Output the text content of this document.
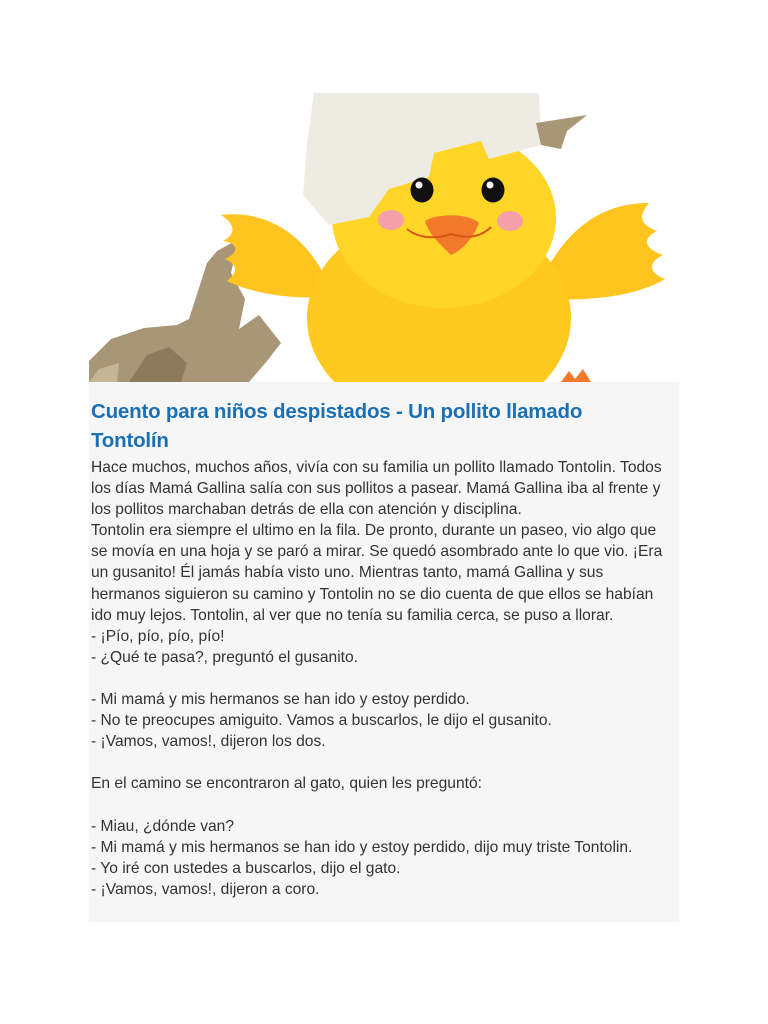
Cuento para niños despistados - Un pollito llamado
Tontolín
Hace muchos, muchos años, vivía con su familia un pollito llamado Tontolin. Todos
los días Mamá Gallina salía con sus pollitos a pasear. Mamá Gallina iba al frente y
los pollitos marchaban detrás de ella con atención y disciplina.
Tontolin era siempre el ultimo en la fila. De pronto, durante un paseo, vio algo que
se movía en una hoja y se paró a mirar. Se quedó asombrado ante lo que vio. ¡Era
un gusanito! Él jamás había visto uno. Mientras tanto, mamá Gallina y sus
hermanos siguieron su camino y Tontolin no se dio cuenta de que ellos se habían
ido muy lejos. Tontolin, al ver que no tenía su familia cerca, se puso a llorar.
- ¡Pío, pío, pío, pío!
- ¿Qué te pasa?, preguntó el gusanito.
- Mi mamá y mis hermanos se han ido y estoy perdido.
- No te preocupes amiguito. Vamos a buscarlos, le dijo el gusanito.
- ¡Vamos, vamos!, dijeron los dos.
En el camino se encontraron al gato, quien les preguntó:
- Miau, ¿dónde van?
- Mi mamá y mis hermanos se han ido y estoy perdido, dijo muy triste Tontolin.
- Yo iré con ustedes a buscarlos, dijo el gato.
- ¡Vamos, vamos!, dijeron a coro.
